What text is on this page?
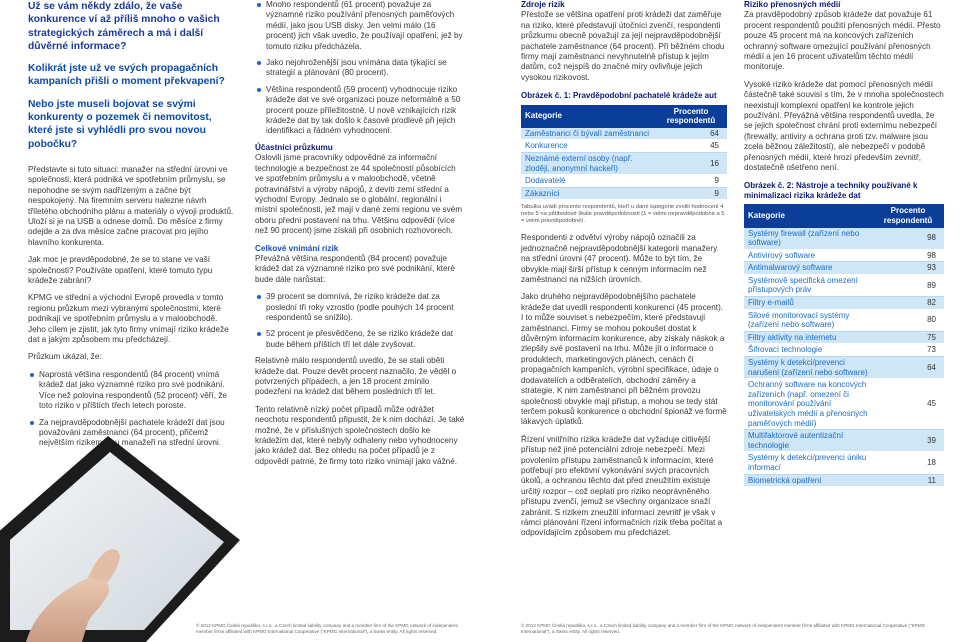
Už se vám někdy zdálo, že vaše konkurence ví až příliš mnoho o vašich strategických záměrech a má i další důvěrné informace?
Kolikrát jste už ve svých propagačních kampaních přišli o moment překvapení?
Nebo jste museli bojovat se svými konkurenty o pozemek či nemovitost, které jste si vyhlédli pro svou novou pobočku?

Představte si tuto situaci: manažer na střední úrovni ve společnosti, která podniká ve spotřebním průmyslu, se nepohodne se svým nadřízeným a začne být nespokojený. Na firemním serveru nalezne návrh tříletého obchodního plánu a materiály o vývoji produktů. Uloží si je na USB a odnese domů. Do měsíce z firmy odejde a za dva měsíce začne pracovat pro jejího hlavního konkurenta.

Jak moc je pravděpodobné, že se to stane ve vaší společnosti? Používáte opatření, které tomuto typu krádeže zabrání?

KPMG ve střední a východní Evropě provedla v tomto regionu průzkum mezi vybranými společnostmi, které podnikají ve spotřebním průmyslu a v maloobchodě. Jeho cílem je zjistit, jak tyto firmy vnímají riziko krádeže dat a jakým způsobem mu předcházejí.

Průzkum ukázal, že:

Naprostá většina respondentů (84 procent) vnímá krádež dat jako významné riziko pro své podnikání. Více než polovina respondentů (52 procent) věří, že toto riziko v příštích třech letech poroste.
Za nejpravděpodobnější pachatele krádeží dat jsou považováni zaměstnanci (64 procent), přičemž největším rizikem jsou manažeři na střední úrovni.
Mnoho respondentů (61 procent) považuje za významné riziko používání přenosných paměťových médií, jako jsou USB disky. Jen velmi málo (16 procent) jich však uvedlo, že používají opatření, jež by tomuto riziku předcházela.
Jako nejohroženější jsou vnímána data týkající se strategií a plánování (80 procent).
Většina respondentů (59 procent) vyhodnocuje riziko krádeže dat ve své organizaci pouze neformálně a 50 procent pouze příležitostně. U nově vznikajících rizik krádeže dat by tak došlo k časové prodlevě při jejich identifikaci a řádném vyhodnocení.
Účastníci průzkumu

Oslovili jsme pracovníky odpovědné za informační technologie a bezpečnost ze 44 společností působících ve spotřebním průmyslu a v maloobchodě, včetně potravinářství a výroby nápojů, z devíti zemí střední a východní Evropy. Jednalo se o globální, regionální i místní společnosti, jež mají v dané zemi regionu ve svém oboru přední postavení na trhu. Většinu odpovědí (více než 90 procent) jsme získali při osobních rozhovorech.

Celkové vnímání rizik

Převážná většina respondentů (84 procent) považuje krádež dat za významné riziko pro své podnikání, které bude dále narůstat:

39 procent se domnívá, že riziko krádeže dat za poslední tři roky vzrostlo (podle pouhých 14 procent respondentů se snížilo).
52 procent je přesvědčeno, že se riziko krádeže dat bude během příštích tří let dále zvyšovat.

Relativně málo respondentů uvedlo, že se stali oběti krádeže dat. Pouze devět procent naznačilo, že věděl o potvrzených případech, a jen 18 procent zmínilo podezření na krádež dat během posledních tří let.

Tento relativně nízký počet případů může odrážet neochotu respondentů připustit, že k nim dochází. Je také možné, že v příslušných společnostech došlo ke krádežím dat, které nebyly odhaleny nebo vyhodnoceny jako krádež dat. Bez ohledu na počet případů je z odpovědí patrné, že firmy toto riziko vnímají jako vážné.

Zdroje rizik

Přestože se většina opatření proti krádeži dat zaměřuje na riziko, které představují útočníci zvenčí, respondenti průzkumu obecně považují za její nejpravděpodobnější pachatele zaměstnance (64 procent). Při běžném chodu firmy mají zaměstnanci nevyhnutelně přístup k jejím datům, což nejspíš do značné míry ovlivňuje jejich vysokou rizikovost.

Obrázek č. 1: Pravděpodobní pachatelé krádeže aut
Kategorie	Procento respondentů
Zaměstnanci či bývalí zaměstnanci	64
Konkurence	45
Neznámé externí osoby (např. zloději, anonymní hackeři)	16
Dodavatelé	9
Zákazníci	9
Tabulka uvádí procento respondentů, kteří u dané kategorie zvolili hodnocení 4 nebo 5 na pětibodové škále pravděpodobnosti (1 = velmi nepravděpodobné a 5 = velmi pravděpodobné).

Respondenti z odvětví výroby nápojů označili za jednoznačně nejpravděpodobnější kategorii manažery na střední úrovni (47 procent). Může to být tím, že obvykle mají širší přístup k cenným informacím než zaměstnanci na nižších úrovních.

Jako druhého nejpravděpodobnějšího pachatele krádeže dat uvedli respondenti konkurenci (45 procent). I to může souviset s nebezpečím, které představují zaměstnanci. Firmy se mohou pokoušet dostat k důvěrným informacím konkurence, aby získaly náskok a zlepšily své postavení na trhu. Může jít o informace o produktech, marketingových plánech, cenách či propagačních kampaních, výrobní specifikace, údaje o dodavatelích a odběratelích, obchodní záměry a strategie. K nim zaměstnanci při běžném provozu společnosti obvykle mají přístup, a mohou se tedy stát terčem pokusů konkurence o obchodní špionáž ve formě lákavých úplatků.

Řízení vnitřního rizika krádeže dat vyžaduje citlivější přístup než jiné potenciální zdroje nebezpečí. Mezi povolením přístupu zaměstnanců k informacím, které potřebují pro efektivní vykonávání svých pracovních úkolů, a ochranou těchto dat před zneužitím existuje určitý rozpor – což neplatí pro riziko neoprávněného přístupu zvenčí, jemuž se všechny organizace snaží zabránit. S rizikem zneužití informací zevnitř je však v rámci plánování řízení informačních rizik třeba počítat a odpovídajícím způsobem mu předcházet.

Riziko přenosných médií

Za pravděpodobný způsob krádeže dat považuje 61 procent respondentů použití přenosných médií. Přesto pouze 45 procent má na koncových zařízeních ochranný software omezující používání přenosných médií a jen 16 procent uživatelům těchto médií monitoruje.

Vysoké riziko krádeže dat pomocí přenosných médií částečně také souvisí s tím, že v mnoha společnostech neexistují komplexní opatření ke kontrole jejich používání. Převážná většina respondentů uvedla, že se jejich společnost chrání proti externímu nebezpečí (firewally, antiviry a ochrana proti tzv. malware jsou zcela běžnou záležitostí), ale nebezpečí v podobě přenosných médií, které hrozí především zevnitř, dostatečně ošetřeno není.

Obrázek č. 2: Nástroje a techniky používané k minimalizaci rizika krádeže dat
Kategorie	Procento respondentů
Systémy firewall (zařízení nebo software)	98
Antivirový software	98
Antimalwarový software	93
Systémově specifická omezení přístupových práv	89
Filtry e-mailů	82
Silové monitorovací systémy (zařízení nebo software)	80
Filtry aktivity na internetu	75
Šifrovací technologie	73
Systémy k detekci/prevenci narušení (zařízení nebo software)	64
Ochranný software na koncových zařízeních (např. omezení či monitorování používání uživatelských médií a přenosných paměťových médií)	45
Multifaktorové autentizační technologie	39
Systémy k detekci/prevenci úniku informací	18
Biometrická opatření	11
© 2012 KPMG Česká republika, s.r.o., a Czech limited liability company and a member firm of the KPMG network of independent member firms affiliated with KPMG International Cooperative ("KPMG International"), a Swiss entity. All rights reserved.
© 2012 KPMG Česká republika, s.r.o., a Czech limited liability company and a member firm of the KPMG network of independent member firms affiliated with KPMG International Cooperative ("KPMG International"), a Swiss entity. All rights reserved.
